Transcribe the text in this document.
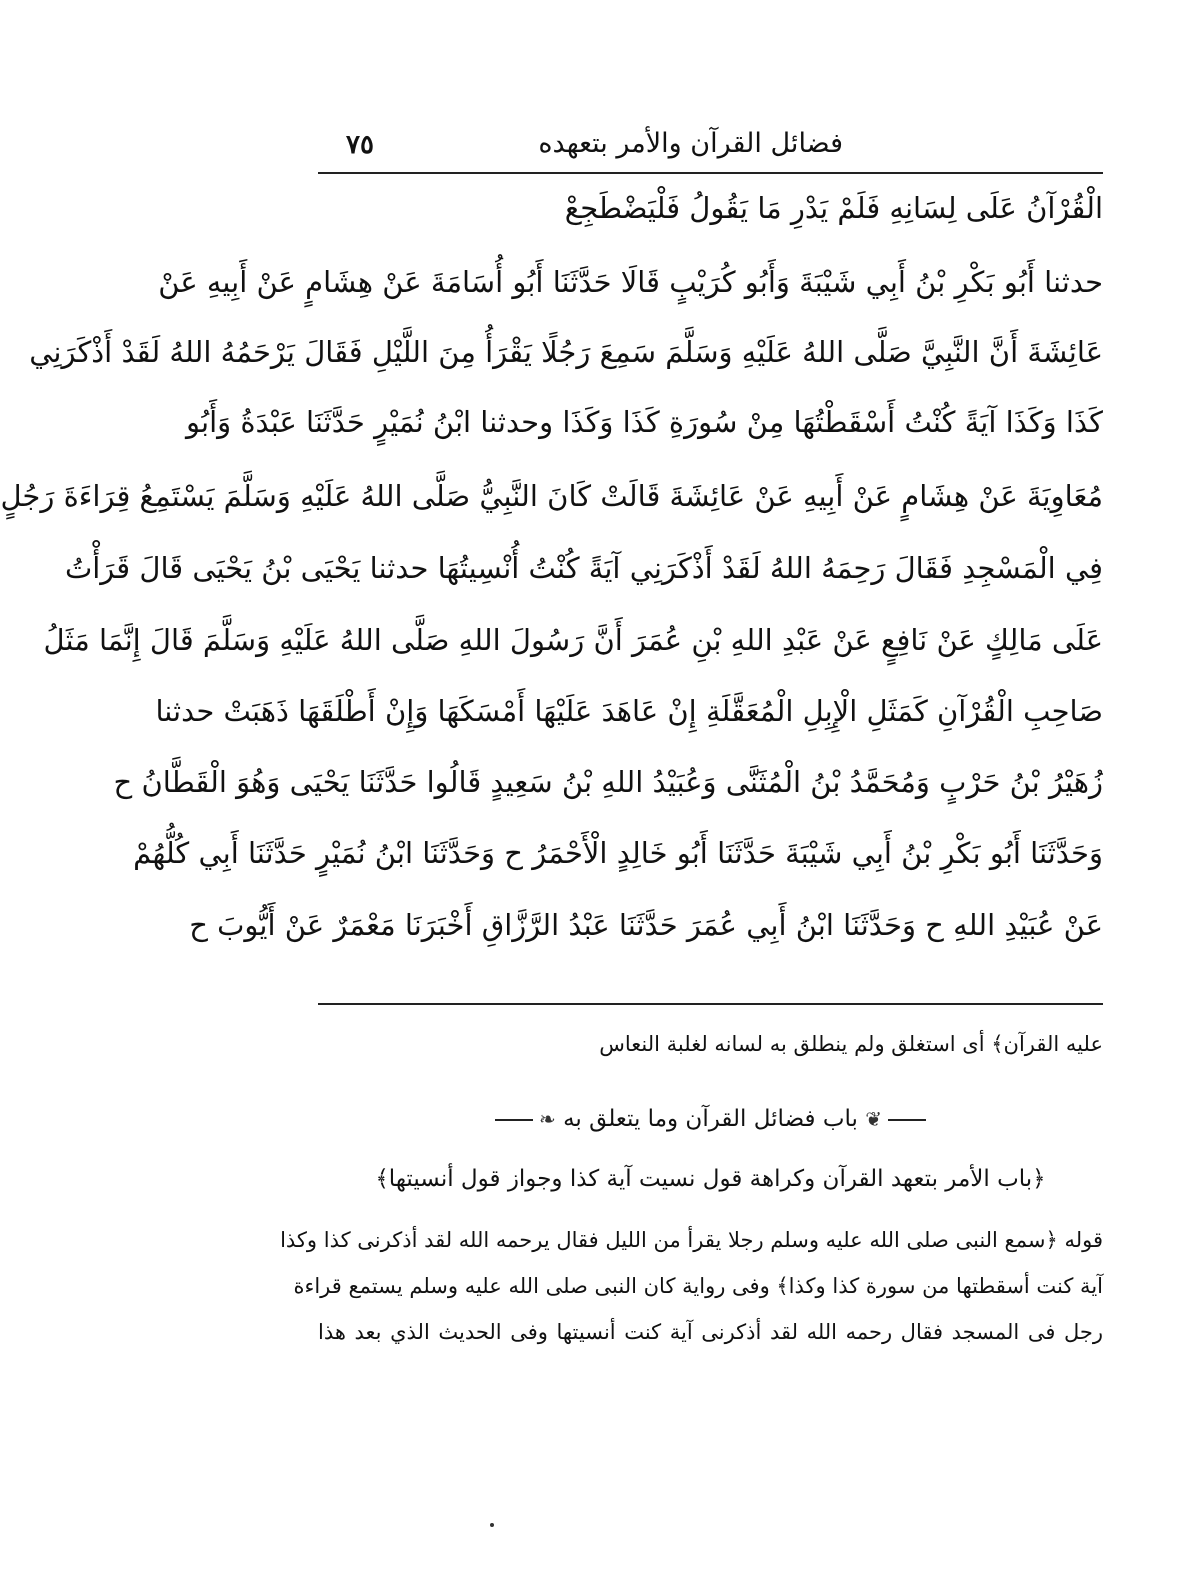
فضائل القرآن والأمر بتعهده
٧٥
الْقُرْآنُ عَلَى لِسَانِهِ فَلَمْ يَدْرِ مَا يَقُولُ فَلْيَضْطَجِعْ
حدثنا أَبُو بَكْرِ بْنُ أَبِي شَيْبَةَ وَأَبُو كُرَيْبٍ قَالَا حَدَّثَنَا أَبُو أُسَامَةَ عَنْ هِشَامٍ عَنْ أَبِيهِ عَنْ
عَائِشَةَ أَنَّ النَّبِيَّ صَلَّى اللهُ عَلَيْهِ وَسَلَّمَ سَمِعَ رَجُلًا يَقْرَأُ مِنَ اللَّيْلِ فَقَالَ يَرْحَمُهُ اللهُ لَقَدْ أَذْكَرَنِي
كَذَا وَكَذَا آيَةً كُنْتُ أَسْقَطْتُهَا مِنْ سُورَةِ كَذَا وَكَذَا وحدثنا ابْنُ نُمَيْرٍ حَدَّثَنَا عَبْدَةُ وَأَبُو
مُعَاوِيَةَ عَنْ هِشَامٍ عَنْ أَبِيهِ عَنْ عَائِشَةَ قَالَتْ كَانَ النَّبِيُّ صَلَّى اللهُ عَلَيْهِ وَسَلَّمَ يَسْتَمِعُ قِرَاءَةَ رَجُلٍ
فِي الْمَسْجِدِ فَقَالَ رَحِمَهُ اللهُ لَقَدْ أَذْكَرَنِي آيَةً كُنْتُ أُنْسِيتُهَا حدثنا يَحْيَى بْنُ يَحْيَى قَالَ قَرَأْتُ
عَلَى مَالِكٍ عَنْ نَافِعٍ عَنْ عَبْدِ اللهِ بْنِ عُمَرَ أَنَّ رَسُولَ اللهِ صَلَّى اللهُ عَلَيْهِ وَسَلَّمَ قَالَ إِنَّمَا مَثَلُ
صَاحِبِ الْقُرْآنِ كَمَثَلِ الْإِبِلِ الْمُعَقَّلَةِ إِنْ عَاهَدَ عَلَيْهَا أَمْسَكَهَا وَإِنْ أَطْلَقَهَا ذَهَبَتْ حدثنا
زُهَيْرُ بْنُ حَرْبٍ وَمُحَمَّدُ بْنُ الْمُثَنَّى وَعُبَيْدُ اللهِ بْنُ سَعِيدٍ قَالُوا حَدَّثَنَا يَحْيَى وَهُوَ الْقَطَّانُ ح
وَحَدَّثَنَا أَبُو بَكْرِ بْنُ أَبِي شَيْبَةَ حَدَّثَنَا أَبُو خَالِدٍ الْأَحْمَرُ ح وَحَدَّثَنَا ابْنُ نُمَيْرٍ حَدَّثَنَا أَبِي كُلُّهُمْ
عَنْ عُبَيْدِ اللهِ ح وَحَدَّثَنَا ابْنُ أَبِي عُمَرَ حَدَّثَنَا عَبْدُ الرَّزَّاقِ أَخْبَرَنَا مَعْمَرٌ عَنْ أَيُّوبَ ح
عليه القرآن﴾ أى استغلق ولم ينطلق به لسانه لغلبة النعاس
❦ باب فضائل القرآن وما يتعلق به ❧
﴿باب الأمر بتعهد القرآن وكراهة قول نسيت آية كذا وجواز قول أنسيتها﴾
قوله ﴿سمع النبى صلى الله عليه وسلم رجلا يقرأ من الليل فقال يرحمه الله لقد أذكرنى كذا وكذا
آية كنت أسقطتها من سورة كذا وكذا﴾ وفى رواية كان النبى صلى الله عليه وسلم يستمع قراءة
رجل فى المسجد فقال رحمه الله لقد أذكرنى آية كنت أنسيتها وفى الحديث الذي بعد هذا
